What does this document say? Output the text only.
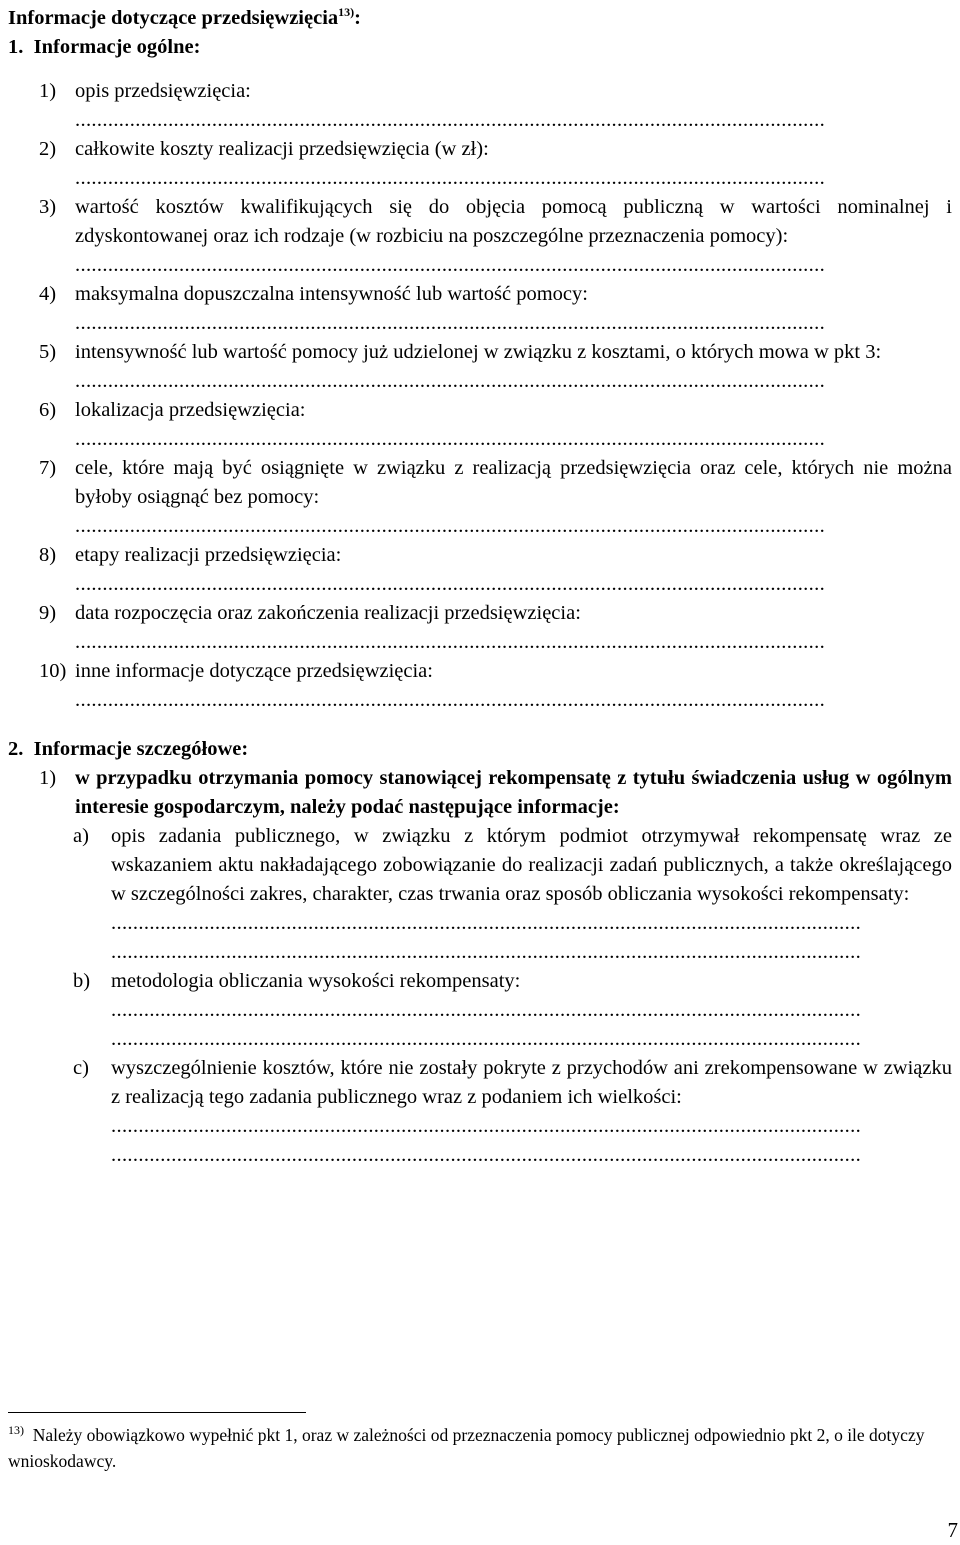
Informacje dotyczące przedsięwzięcia$^{13)}$:
1. Informacje ogólne:
1) opis przedsięwzięcia:
.........................................................................................................................................
2) całkowite koszty realizacji przedsięwzięcia (w zł):
.........................................................................................................................................
3) wartość kosztów kwalifikujących się do objęcia pomocą publiczną w wartości nominalnej i zdyskontowanej oraz ich rodzaje (w rozbiciu na poszczególne przeznaczenia pomocy):
.........................................................................................................................................
4) maksymalna dopuszczalna intensywność lub wartość pomocy:
.........................................................................................................................................
5) intensywność lub wartość pomocy już udzielonej w związku z kosztami, o których mowa w pkt 3:
.........................................................................................................................................
6) lokalizacja przedsięwzięcia:
.........................................................................................................................................
7) cele, które mają być osiągnięte w związku z realizacją przedsięwzięcia oraz cele, których nie można byłoby osiągnąć bez pomocy:
.........................................................................................................................................
8) etapy realizacji przedsięwzięcia:
.........................................................................................................................................
9) data rozpoczęcia oraz zakończenia realizacji przedsięwzięcia:
.........................................................................................................................................
10) inne informacje dotyczące przedsięwzięcia:
.........................................................................................................................................
2. Informacje szczegółowe:
1) w przypadku otrzymania pomocy stanowiącej rekompensatę z tytułu świadczenia usług w ogólnym interesie gospodarczym, należy podać następujące informacje:
a) opis zadania publicznego, w związku z którym podmiot otrzymywał rekompensatę wraz ze wskazaniem aktu nakładającego zobowiązanie do realizacji zadań publicznych, a także określającego w szczególności zakres, charakter, czas trwania oraz sposób obliczania wysokości rekompensaty:
.........................................................................................................................................
.........................................................................................................................................
b) metodologia obliczania wysokości rekompensaty:
.........................................................................................................................................
.........................................................................................................................................
c) wyszczególnienie kosztów, które nie zostały pokryte z przychodów ani zrekompensowane w związku z realizacją tego zadania publicznego wraz z podaniem ich wielkości:
.........................................................................................................................................
.........................................................................................................................................
$^{13)}$ Należy obowiązkowo wypełnić pkt 1, oraz w zależności od przeznaczenia pomocy publicznej odpowiednio pkt 2, o ile dotyczy wnioskodawcy.
7
